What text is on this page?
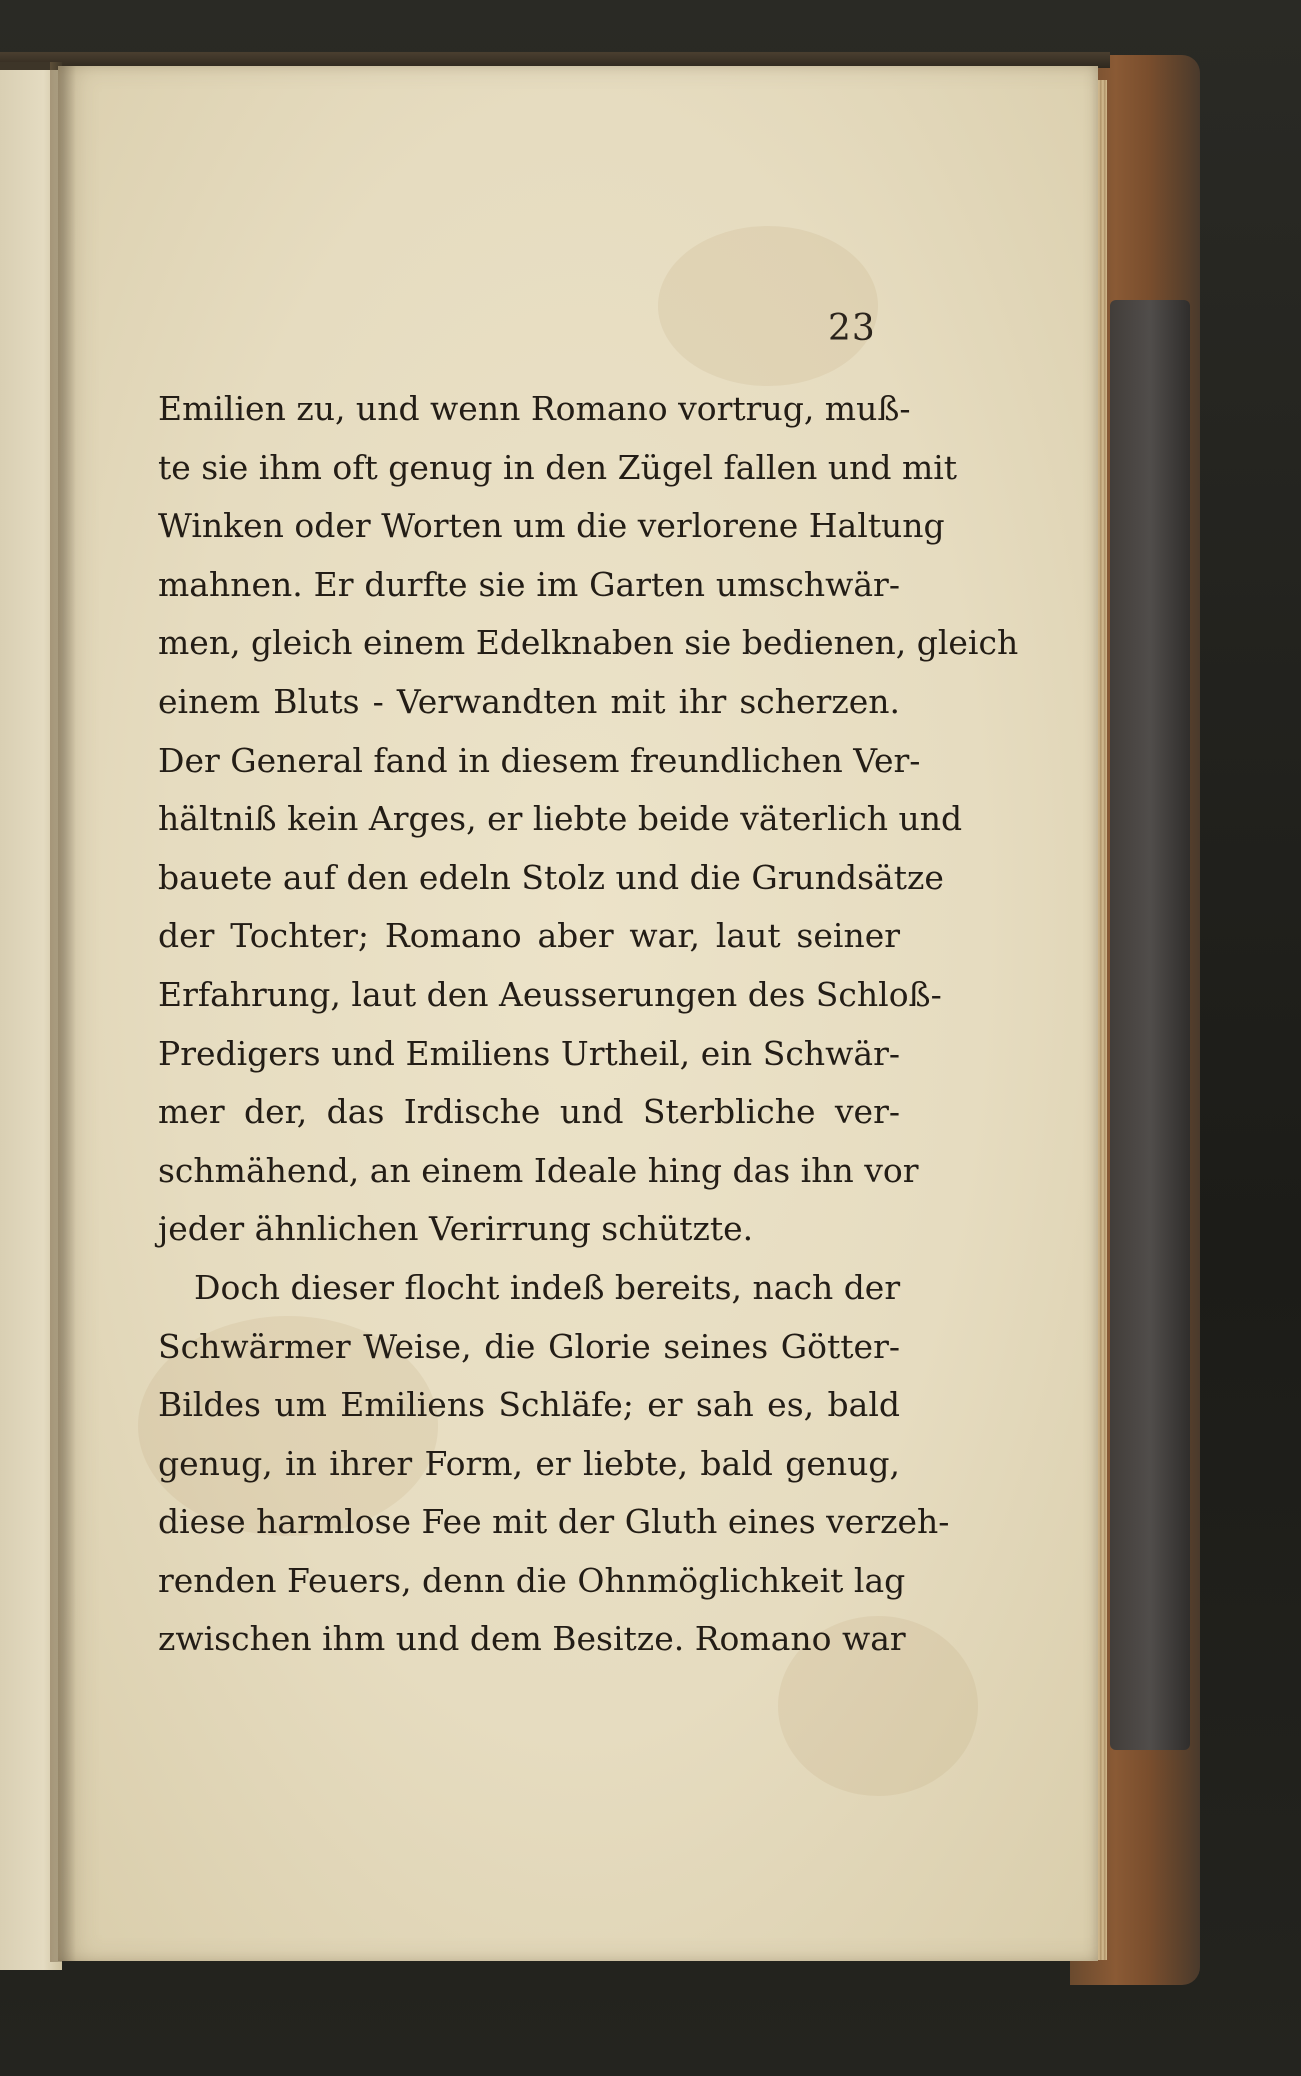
23
Emilien zu, und wenn Romano vortrug, muß-
te sie ihm oft genug in den Zügel fallen und mit
Winken oder Worten um die verlorene Haltung
mahnen. Er durfte sie im Garten umschwär-
men, gleich einem Edelknaben sie bedienen, gleich
einem Bluts - Verwandten mit ihr scherzen.
Der General fand in diesem freundlichen Ver-
hältniß kein Arges, er liebte beide väterlich und
bauete auf den edeln Stolz und die Grundsätze
der Tochter; Romano aber war, laut seiner
Erfahrung, laut den Aeusserungen des Schloß-
Predigers und Emiliens Urtheil, ein Schwär-
mer der, das Irdische und Sterbliche ver-
schmähend, an einem Ideale hing das ihn vor
jeder ähnlichen Verirrung schützte.
Doch dieser flocht indeß bereits, nach der
Schwärmer Weise, die Glorie seines Götter-
Bildes um Emiliens Schläfe; er sah es, bald
genug, in ihrer Form, er liebte, bald genug,
diese harmlose Fee mit der Gluth eines verzeh-
renden Feuers, denn die Ohnmöglichkeit lag
zwischen ihm und dem Besitze. Romano war
